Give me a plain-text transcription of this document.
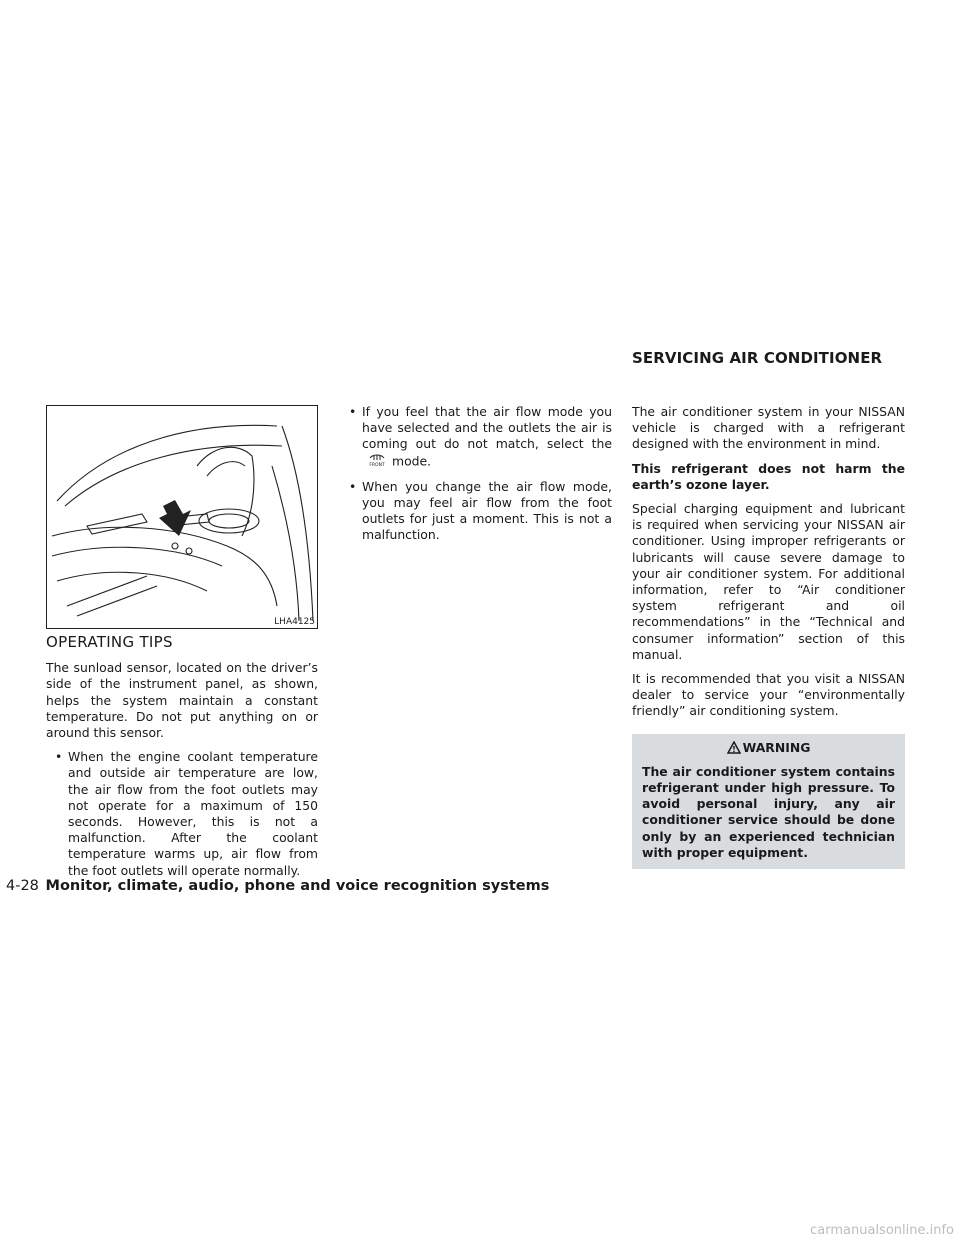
SERVICING AIR CONDITIONER
LHA4125
OPERATING TIPS

The sunload sensor, located on the driver’s side of the instrument panel, as shown, helps the system maintain a constant temperature. Do not put anything on or around this sensor.

• When the engine coolant temperature and outside air temperature are low, the air flow from the foot outlets may not operate for a maximum of 150 seconds. However, this is not a malfunction. After the coolant temperature warms up, air flow from the foot outlets will operate normally.
• If you feel that the air flow mode you have selected and the outlets the air is coming out do not match, select the
FRONT mode.
• When you change the air flow mode, you may feel air flow from the foot outlets for just a moment. This is not a malfunction.

The air conditioner system in your NISSAN vehicle is charged with a refrigerant designed with the environment in mind.

This refrigerant does not harm the earth’s ozone layer.

Special charging equipment and lubricant is required when servicing your NISSAN air conditioner. Using improper refrigerants or lubricants will cause severe damage to your air conditioner system. For additional information, refer to “Air conditioner system refrigerant and oil recommendations” in the “Technical and consumer information” section of this manual.

It is recommended that you visit a NISSAN dealer to service your “environmentally friendly” air conditioning system.

WARNING
The air conditioner system contains refrigerant under high pressure. To avoid personal injury, any air conditioner service should be done only by an experienced technician with proper equipment.
4-28 Monitor, climate, audio, phone and voice recognition systems
carmanualsonline.info
